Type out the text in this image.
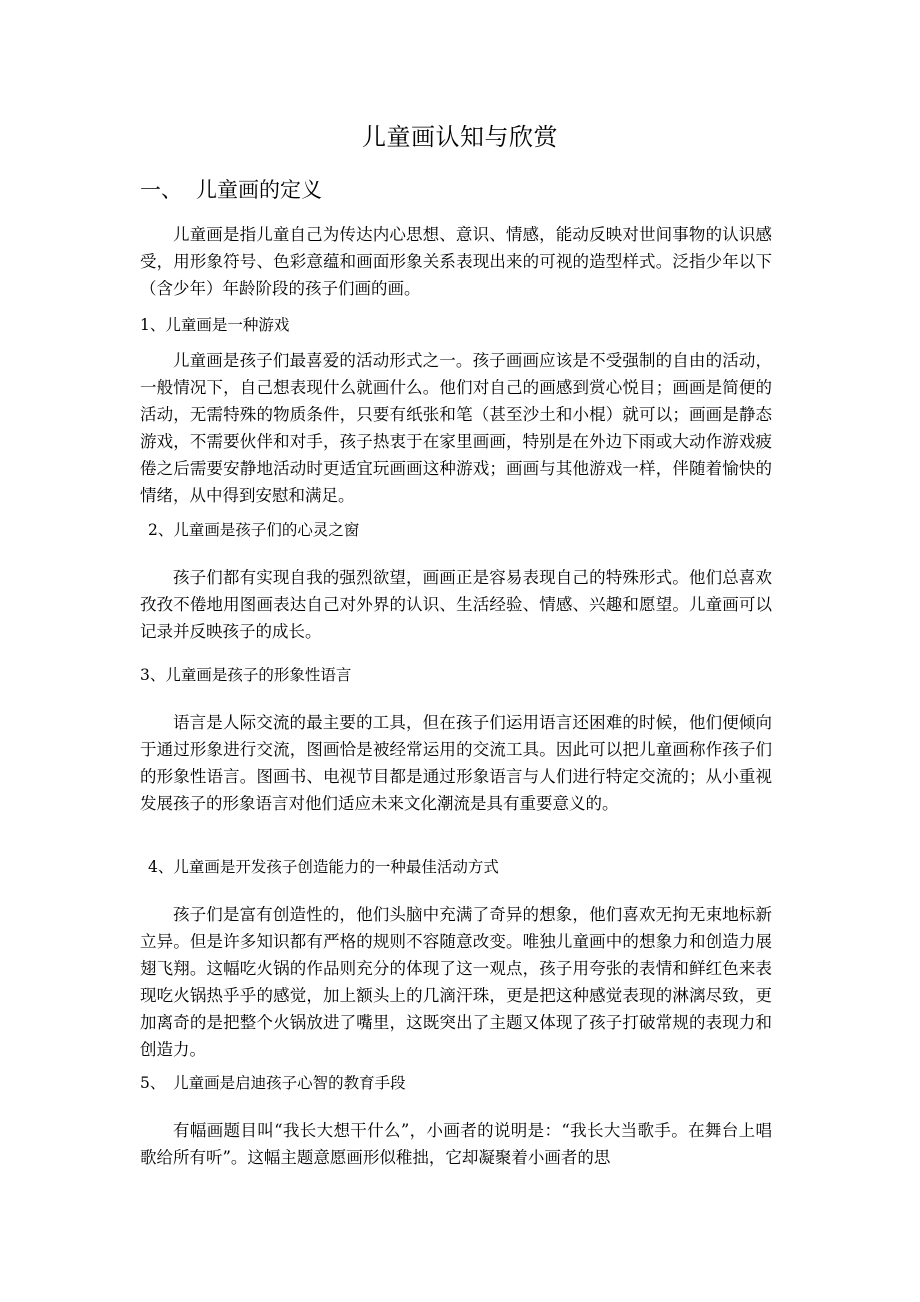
儿童画认知与欣赏
一、 儿童画的定义

儿童画是指儿童自己为传达内心思想、意识、情感，能动反映对世间事物的认识感受，用形象符号、色彩意蕴和画面形象关系表现出来的可视的造型样式。泛指少年以下（含少年）年龄阶段的孩子们画的画。

1、儿童画是一种游戏

儿童画是孩子们最喜爱的活动形式之一。孩子画画应该是不受强制的自由的活动，一般情况下，自己想表现什么就画什么。他们对自己的画感到赏心悦目；画画是简便的活动，无需特殊的物质条件，只要有纸张和笔（甚至沙土和小棍）就可以；画画是静态游戏，不需要伙伴和对手，孩子热衷于在家里画画，特别是在外边下雨或大动作游戏疲倦之后需要安静地活动时更适宜玩画画这种游戏；画画与其他游戏一样，伴随着愉快的情绪，从中得到安慰和满足。

2、儿童画是孩子们的心灵之窗

孩子们都有实现自我的强烈欲望，画画正是容易表现自己的特殊形式。他们总喜欢孜孜不倦地用图画表达自己对外界的认识、生活经验、情感、兴趣和愿望。儿童画可以记录并反映孩子的成长。

3、儿童画是孩子的形象性语言

语言是人际交流的最主要的工具，但在孩子们运用语言还困难的时候，他们便倾向于通过形象进行交流，图画恰是被经常运用的交流工具。因此可以把儿童画称作孩子们的形象性语言。图画书、电视节目都是通过形象语言与人们进行特定交流的；从小重视发展孩子的形象语言对他们适应未来文化潮流是具有重要意义的。

4、儿童画是开发孩子创造能力的一种最佳活动方式

孩子们是富有创造性的，他们头脑中充满了奇异的想象，他们喜欢无拘无束地标新立异。但是许多知识都有严格的规则不容随意改变。唯独儿童画中的想象力和创造力展翅飞翔。这幅吃火锅的作品则充分的体现了这一观点，孩子用夸张的表情和鲜红色来表现吃火锅热乎乎的感觉，加上额头上的几滴汗珠，更是把这种感觉表现的淋漓尽致，更加离奇的是把整个火锅放进了嘴里，这既突出了主题又体现了孩子打破常规的表现力和创造力。

5、　儿童画是启迪孩子心智的教育手段

有幅画题目叫“我长大想干什么”，小画者的说明是：“我长大当歌手。在舞台上唱歌给所有听”。这幅主题意愿画形似稚拙，它却凝聚着小画者的思
